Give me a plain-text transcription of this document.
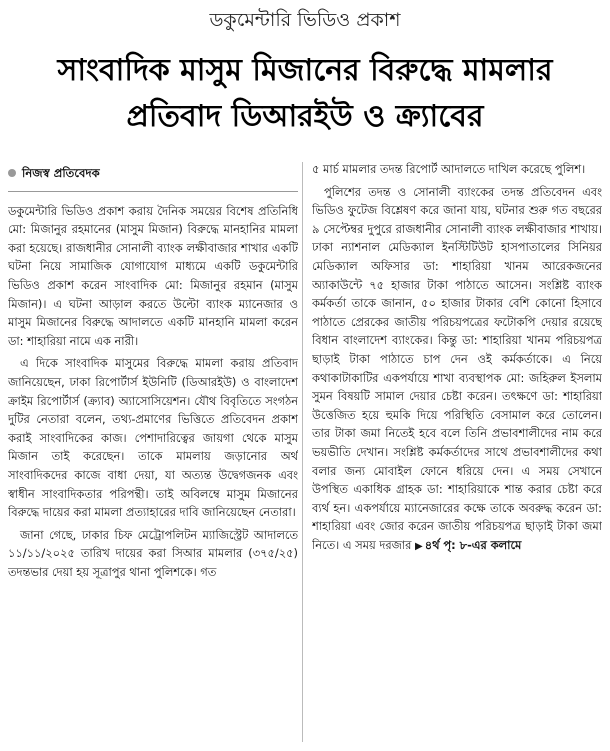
ডকুমেন্টারি ভিডিও প্রকাশ
সাংবাদিক মাসুম মিজানের বিরুদ্ধে মামলার
প্রতিবাদ ডিআরইউ ও ক্র্যাবের
নিজস্ব প্রতিবেদক

ডকুমেন্টারি ভিডিও প্রকাশ করায় দৈনিক সময়ের বিশেষ প্রতিনিধি মো: মিজানুর রহমানের (মাসুম মিজান) বিরুদ্ধে মানহানির মামলা করা হয়েছে। রাজধানীর সোনালী ব্যাংক লক্ষীবাজার শাখার একটি ঘটনা নিয়ে সামাজিক যোগাযোগ মাধ্যমে একটি ডকুমেন্টারি ভিডিও প্রকাশ করেন সাংবাদিক মো: মিজানুর রহমান (মাসুম মিজান)। এ ঘটনা আড়াল করতে উল্টো ব্যাংক ম্যানেজার ও মাসুম মিজানের বিরুদ্ধে আদালতে একটি মানহানি মামলা করেন ডা: শাহারিয়া নামে এক নারী।

এ দিকে সাংবাদিক মাসুমের বিরুদ্ধে মামলা করায় প্রতিবাদ জানিয়েছেন, ঢাকা রিপোর্টার্স ইউনিটি (ডিআরইউ) ও বাংলাদেশ ক্রাইম রিপোর্টার্স (ক্র্যাব) অ্যাসোসিয়েশন। যৌথ বিবৃতিতে সংগঠন দুটির নেতারা বলেন, তথ্য-প্রমাণের ভিত্তিতে প্রতিবেদন প্রকাশ করাই সাংবাদিকের কাজ। পেশাদারিত্বের জায়গা থেকে মাসুম মিজান তাই করেছেন। তাকে মামলায় জড়ানোর অর্থ সাংবাদিকদের কাজে বাধা দেয়া, যা অত্যন্ত উদ্বেগজনক এবং স্বাধীন সাংবাদিকতার পরিপন্থী। তাই অবিলম্বে মাসুম মিজানের বিরুদ্ধে দায়ের করা মামলা প্রত্যাহারের দাবি জানিয়েছেন নেতারা।

জানা গেছে, ঢাকার চিফ মেট্রোপলিটন ম্যাজিস্ট্রেট আদালতে ১১/১১/২০২৫ তারিখ দায়ের করা সিআর মামলার (৩৭৫/২৫) তদন্তভার দেয়া হয় সূত্রাপুর থানা পুলিশকে। গত

৫ মার্চ মামলার তদন্ত রিপোর্ট আদালতে দাখিল করেছে পুলিশ।

পুলিশের তদন্ত ও সোনালী ব্যাংকের তদন্ত প্রতিবেদন এবং ভিডিও ফুটেজ বিশ্লেষণ করে জানা যায়, ঘটনার শুরু গত বছরের ৯ সেপ্টেম্বর দুপুরে রাজধানীর সোনালী ব্যাংক লক্ষীবাজার শাখায়। ঢাকা ন্যাশনাল মেডিক্যাল ইনস্টিটিউট হাসপাতালের সিনিয়র মেডিক্যাল অফিসার ডা: শাহারিয়া খানম আরেকজনের অ্যাকাউন্টে ৭৫ হাজার টাকা পাঠাতে আসেন। সংশ্লিষ্ট ব্যাংক কর্মকর্তা তাকে জানান, ৫০ হাজার টাকার বেশি কোনো হিসাবে পাঠাতে প্রেরকের জাতীয় পরিচয়পত্রের ফটোকপি দেয়ার রয়েছে বিধান বাংলাদেশ ব্যাংকের। কিন্তু ডা: শাহারিয়া খানম পরিচয়পত্র ছাড়াই টাকা পাঠাতে চাপ দেন ওই কর্মকর্তাকে। এ নিয়ে কথাকাটাকাটির একপর্যায়ে শাখা ব্যবস্থাপক মো: জহিরুল ইসলাম সুমন বিষয়টি সামাল দেয়ার চেষ্টা করেন। তৎক্ষণে ডা: শাহারিয়া উত্তেজিত হয়ে হুমকি দিয়ে পরিস্থিতি বেসামাল করে তোলেন। তার টাকা জমা নিতেই হবে বলে তিনি প্রভাবশালীদের নাম করে ভয়ভীতি দেখান। সংশ্লিষ্ট কর্মকর্তাদের সাথে প্রভাবশালীদের কথা বলার জন্য মোবাইল ফোনে ধরিয়ে দেন। এ সময় সেখানে উপস্থিত একাধিক গ্রাহক ডা: শাহারিয়াকে শান্ত করার চেষ্টা করে ব্যর্থ হন। একপর্যায়ে ম্যানেজারের কক্ষে তাকে অবরুদ্ধ করেন ডা: শাহারিয়া এবং জোর করেন জাতীয় পরিচয়পত্র ছাড়াই টাকা জমা নিতে। এ সময় দরজার ▶ ৪র্থ পৃ: ৮-এর কলামে
